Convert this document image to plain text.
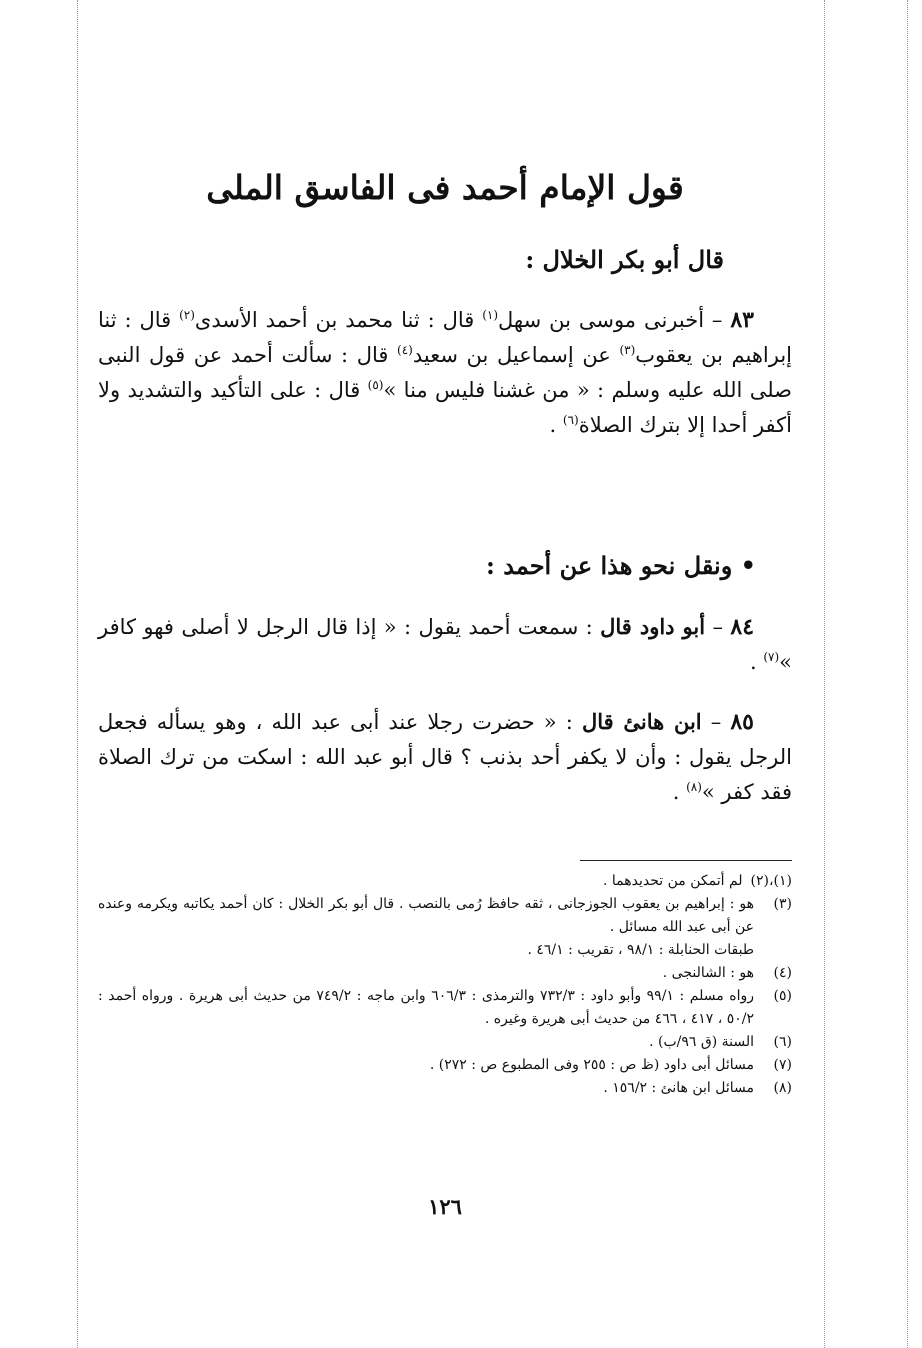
قول الإمام أحمد فى الفاسق الملى
قال أبو بكر الخلال :
٨٣ – أخبرنى موسى بن سهل$^{(١)}$ قال : ثنا محمد بن أحمد الأسدى$^{(٢)}$ قال : ثنا إبراهيم بن يعقوب$^{(٣)}$ عن إسماعيل بن سعيد$^{(٤)}$ قال : سألت أحمد عن قول النبى صلى الله عليه وسلم : « من غشنا فليس منا »$^{(٥)}$ قال : على التأكيد والتشديد ولا أكفر أحدا إلا بترك الصلاة$^{(٦)}$ .
• ونقل نحو هذا عن أحمد :
٨٤ – أبو داود قال : سمعت أحمد يقول : « إذا قال الرجل لا أصلى فهو كافر »$^{(٧)}$ .
٨٥ – ابن هانئ قال : « حضرت رجلا عند أبى عبد الله ، وهو يسأله فجعل الرجل يقول : وأن لا يكفر أحد بذنب ؟ قال أبو عبد الله : اسكت من ترك الصلاة فقد كفر »$^{(٨)}$ .
(١)،(٢)
لم أتمكن من تحديدهما .
(٣)
هو : إبراهيم بن يعقوب الجوزجانى ، ثقه حافظ رُمى بالنصب . قال أبو بكر الخلال : كان أحمد يكاتبه ويكرمه وعنده عن أبى عبد الله مسائل .
طبقات الحنابلة : ٩٨/١ ، تقريب : ٤٦/١ .
(٤)
هو : الشالنجى .
(٥)
رواه مسلم : ٩٩/١ وأبو داود : ٧٣٢/٣ والترمذى : ٦٠٦/٣ وابن ماجه : ٧٤٩/٢ من حديث أبى هريرة . ورواه أحمد : ٥٠/٢ ، ٤١٧ ، ٤٦٦ من حديث أبى هريرة وغيره .
(٦)
السنة (ق ٩٦/ب) .
(٧)
مسائل أبى داود (ظ ص : ٢٥٥ وفى المطبوع ص : ٢٧٢) .
(٨)
مسائل ابن هانئ : ١٥٦/٢ .
١٢٦
